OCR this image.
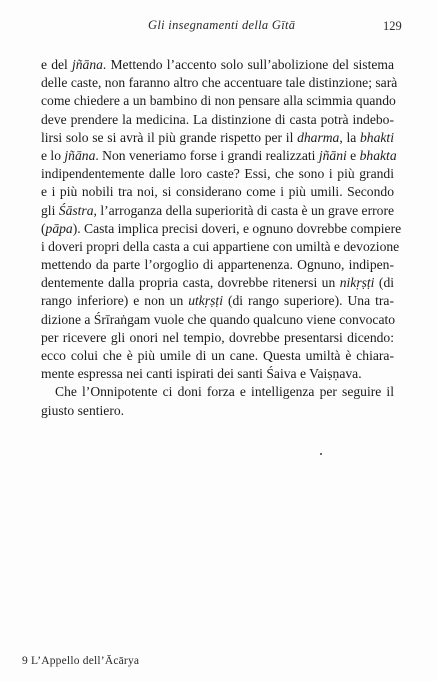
Gli insegnamenti della Gītā	129
e del jñāna. Mettendo l’accento solo sull’abolizione del sistema
delle caste, non faranno altro che accentuare tale distinzione; sarà
come chiedere a un bambino di non pensare alla scimmia quando
deve prendere la medicina. La distinzione di casta potrà indebo-
lirsi solo se si avrà il più grande rispetto per il dharma, la bhakti
e lo jñāna. Non veneriamo forse i grandi realizzati jñāni e bhakta
indipendentemente dalle loro caste? Essi, che sono i più grandi
e i più nobili tra noi, si considerano come i più umili. Secondo
gli Śāstra, l’arroganza della superiorità di casta è un grave errore
(pāpa). Casta implica precisi doveri, e ognuno dovrebbe compiere
i doveri propri della casta a cui appartiene con umiltà e devozione
mettendo da parte l’orgoglio di appartenenza. Ognuno, indipen-
dentemente dalla propria casta, dovrebbe ritenersi un nikṛṣṭi (di
rango inferiore) e non un utkṛṣṭi (di rango superiore). Una tra-
dizione a Śrīraṅgam vuole che quando qualcuno viene convocato
per ricevere gli onori nel tempio, dovrebbe presentarsi dicendo:
ecco colui che è più umile di un cane. Questa umiltà è chiara-
mente espressa nei canti ispirati dei santi Śaiva e Vaiṣṇava.
Che l’Onnipotente ci doni forza e intelligenza per seguire il
giusto sentiero.
9 L’Appello dell’Ācārya
